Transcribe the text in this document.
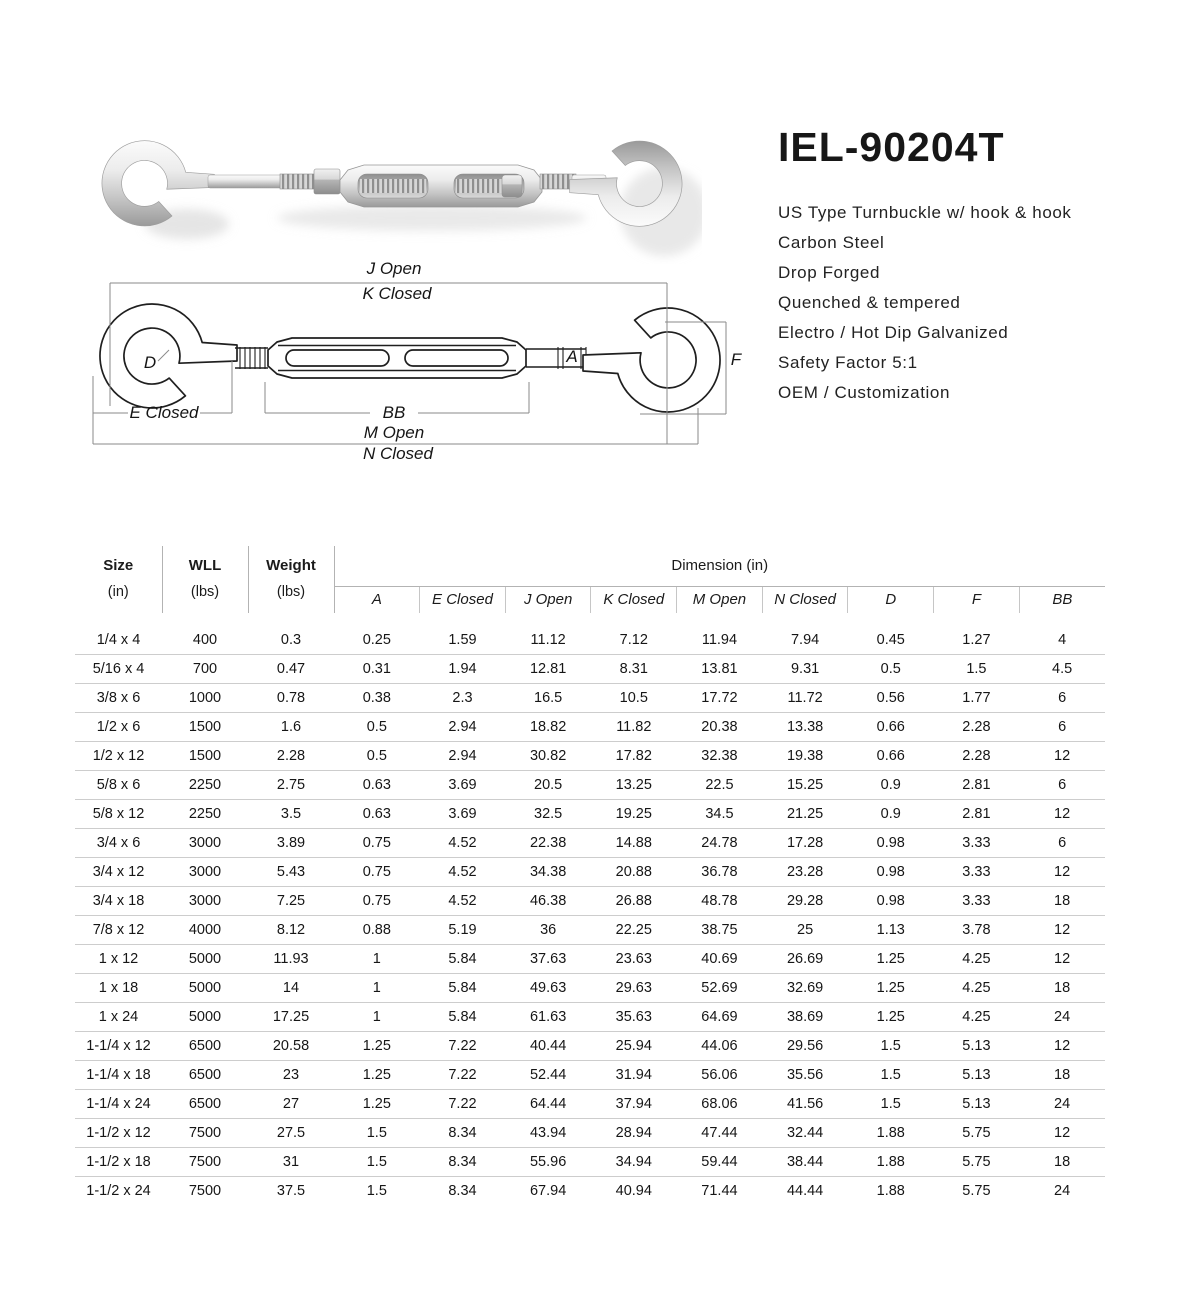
J Open
K Closed
D	A	F
E Closed	BB
M Open
N Closed
IEL-90204T
US Type Turnbuckle w/ hook & hook
Carbon Steel
Drop Forged
Quenched & tempered
Electro / Hot Dip Galvanized
Safety Factor 5:1
OEM / Customization
Size
(in)

WLL
(lbs)

Weight
(lbs)
	Dimension (in)
			A	E Closed	J Open	K Closed	M Open	N Closed	D	F	BB

1/4 x 4	400	0.3	0.25	1.59	11.12	7.12	11.94	7.94	0.45	1.27	4
5/16 x 4	700	0.47	0.31	1.94	12.81	8.31	13.81	9.31	0.5	1.5	4.5
3/8 x 6	1000	0.78	0.38	2.3	16.5	10.5	17.72	11.72	0.56	1.77	6
1/2 x 6	1500	1.6	0.5	2.94	18.82	11.82	20.38	13.38	0.66	2.28	6
1/2 x 12	1500	2.28	0.5	2.94	30.82	17.82	32.38	19.38	0.66	2.28	12
5/8 x 6	2250	2.75	0.63	3.69	20.5	13.25	22.5	15.25	0.9	2.81	6
5/8 x 12	2250	3.5	0.63	3.69	32.5	19.25	34.5	21.25	0.9	2.81	12
3/4 x 6	3000	3.89	0.75	4.52	22.38	14.88	24.78	17.28	0.98	3.33	6
3/4 x 12	3000	5.43	0.75	4.52	34.38	20.88	36.78	23.28	0.98	3.33	12
3/4 x 18	3000	7.25	0.75	4.52	46.38	26.88	48.78	29.28	0.98	3.33	18
7/8 x 12	4000	8.12	0.88	5.19	36	22.25	38.75	25	1.13	3.78	12
1 x 12	5000	11.93	1	5.84	37.63	23.63	40.69	26.69	1.25	4.25	12
1 x 18	5000	14	1	5.84	49.63	29.63	52.69	32.69	1.25	4.25	18
1 x 24	5000	17.25	1	5.84	61.63	35.63	64.69	38.69	1.25	4.25	24
1-1/4 x 12	6500	20.58	1.25	7.22	40.44	25.94	44.06	29.56	1.5	5.13	12
1-1/4 x 18	6500	23	1.25	7.22	52.44	31.94	56.06	35.56	1.5	5.13	18
1-1/4 x 24	6500	27	1.25	7.22	64.44	37.94	68.06	41.56	1.5	5.13	24
1-1/2 x 12	7500	27.5	1.5	8.34	43.94	28.94	47.44	32.44	1.88	5.75	12
1-1/2 x 18	7500	31	1.5	8.34	55.96	34.94	59.44	38.44	1.88	5.75	18
1-1/2 x 24	7500	37.5	1.5	8.34	67.94	40.94	71.44	44.44	1.88	5.75	24
